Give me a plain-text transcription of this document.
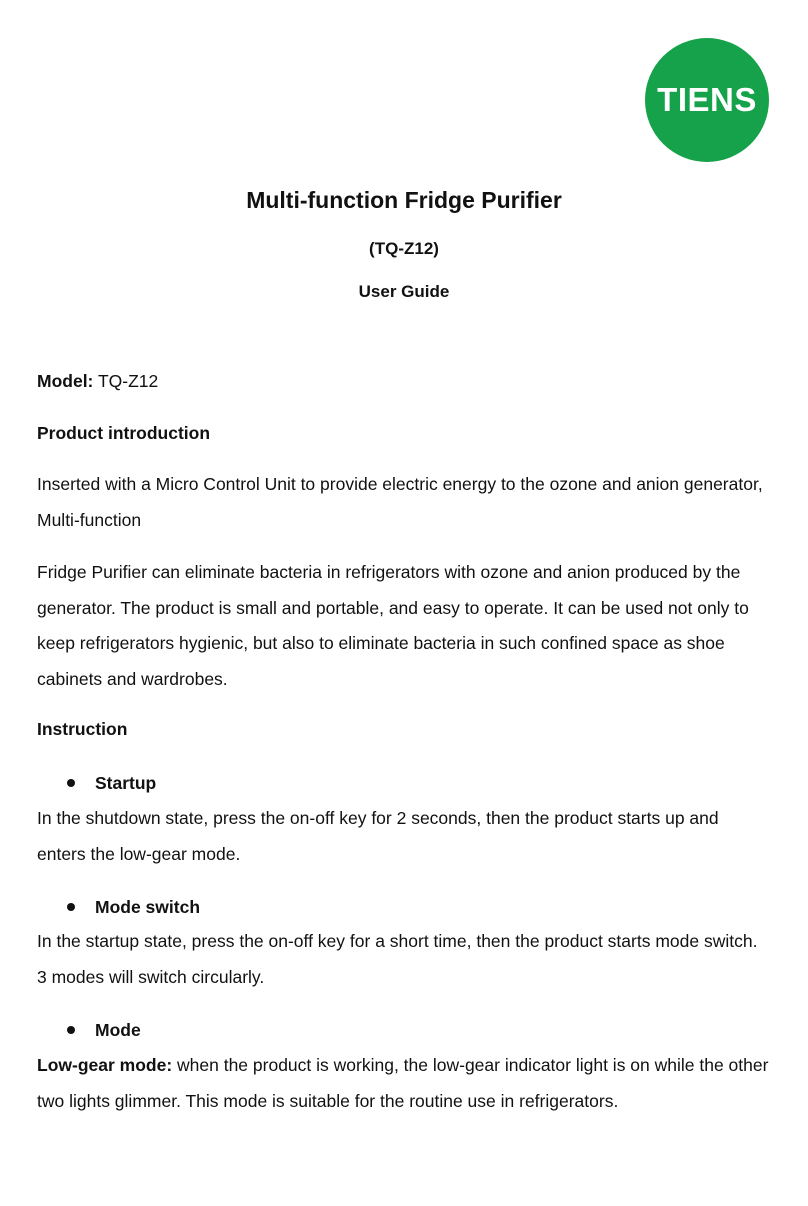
TIENS
Multi-function Fridge Purifier
(TQ-Z12)
User Guide
Model: TQ-Z12
Product introduction
Inserted with a Micro Control Unit to provide electric energy to the ozone and anion generator, Multi-function
Fridge Purifier can eliminate bacteria in refrigerators with ozone and anion produced by the generator. The product is small and portable, and easy to operate. It can be used not only to keep refrigerators hygienic, but also to eliminate bacteria in such confined space as shoe cabinets and wardrobes.
Instruction
Startup
In the shutdown state, press the on-off key for 2 seconds, then the product starts up and enters the low-gear mode.
Mode switch
In the startup state, press the on-off key for a short time, then the product starts mode switch. 3 modes will switch circularly.
Mode
Low-gear mode: when the product is working, the low-gear indicator light is on while the other two lights glimmer. This mode is suitable for the routine use in refrigerators.
